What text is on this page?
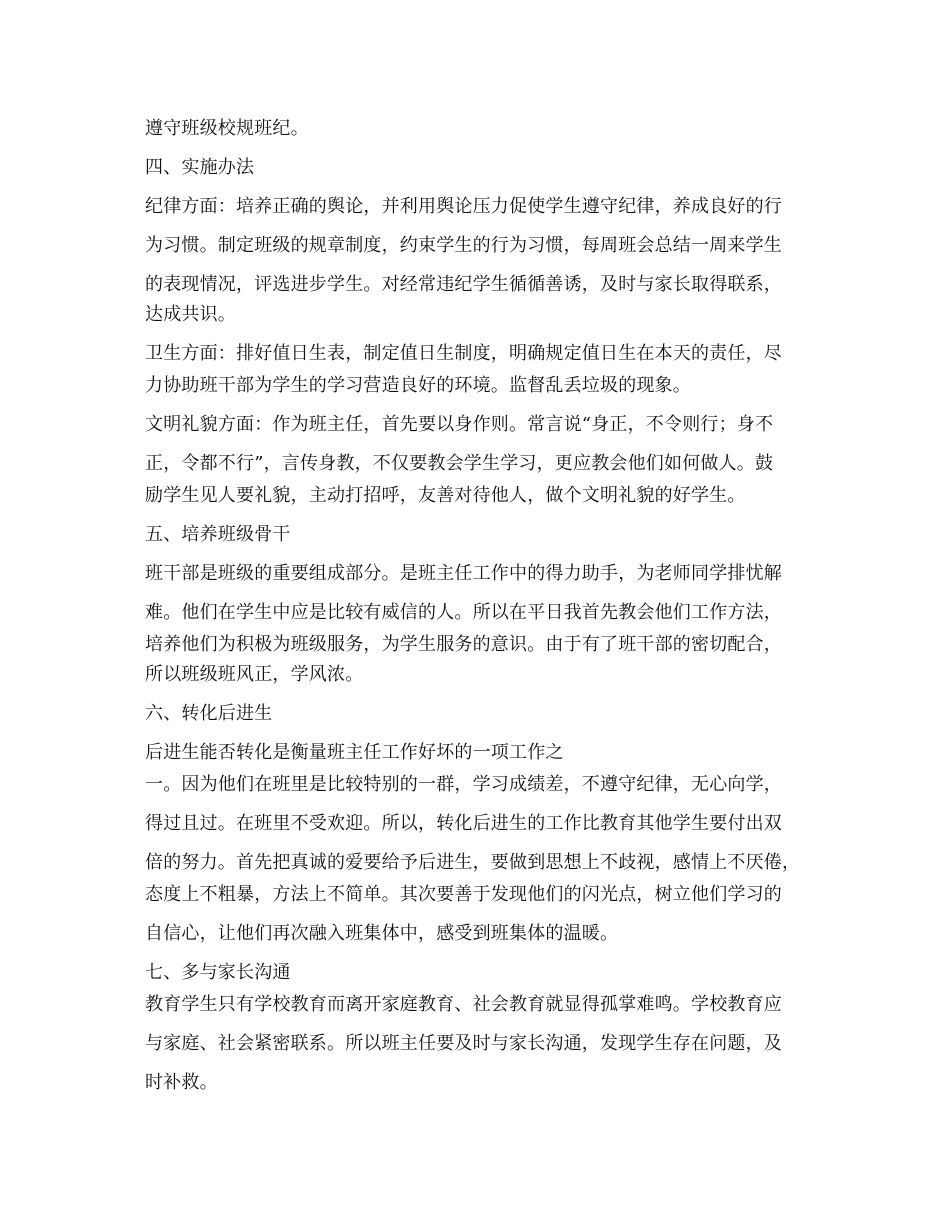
遵守班级校规班纪。
四、实施办法
纪律方面：培养正确的舆论，并利用舆论压力促使学生遵守纪律，养成良好的行
为习惯。制定班级的规章制度，约束学生的行为习惯，每周班会总结一周来学生
的表现情况，评选进步学生。对经常违纪学生循循善诱，及时与家长取得联系，
达成共识。
卫生方面：排好值日生表，制定值日生制度，明确规定值日生在本天的责任，尽
力协助班干部为学生的学习营造良好的环境。监督乱丢垃圾的现象。
文明礼貌方面：作为班主任，首先要以身作则。常言说“身正，不令则行；身不
正，令都不行”，言传身教，不仅要教会学生学习，更应教会他们如何做人。鼓
励学生见人要礼貌，主动打招呼，友善对待他人，做个文明礼貌的好学生。
五、培养班级骨干
班干部是班级的重要组成部分。是班主任工作中的得力助手，为老师同学排忧解
难。他们在学生中应是比较有威信的人。所以在平日我首先教会他们工作方法，
培养他们为积极为班级服务，为学生服务的意识。由于有了班干部的密切配合，
所以班级班风正，学风浓。
六、转化后进生
后进生能否转化是衡量班主任工作好坏的一项工作之
一。因为他们在班里是比较特别的一群，学习成绩差，不遵守纪律，无心向学，
得过且过。在班里不受欢迎。所以，转化后进生的工作比教育其他学生要付出双
倍的努力。首先把真诚的爱要给予后进生，要做到思想上不歧视，感情上不厌倦，
态度上不粗暴，方法上不简单。其次要善于发现他们的闪光点，树立他们学习的
自信心，让他们再次融入班集体中，感受到班集体的温暖。
七、多与家长沟通
教育学生只有学校教育而离开家庭教育、社会教育就显得孤掌难鸣。学校教育应
与家庭、社会紧密联系。所以班主任要及时与家长沟通，发现学生存在问题，及
时补救。
